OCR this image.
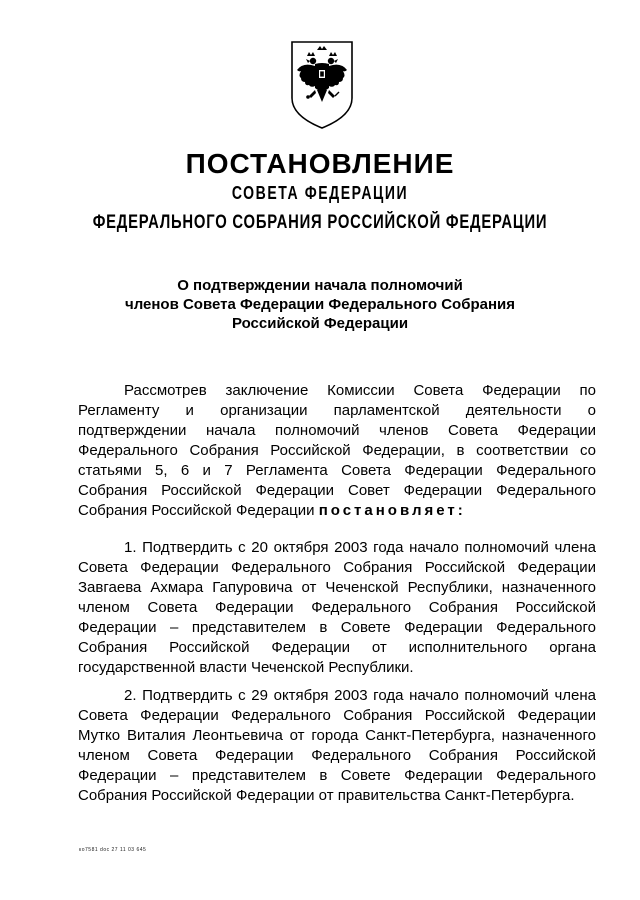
ПОСТАНОВЛЕНИЕ
СОВЕТА ФЕДЕРАЦИИ
ФЕДЕРАЛЬНОГО СОБРАНИЯ РОССИЙСКОЙ ФЕДЕРАЦИИ
О подтверждении начала полномочий
членов Совета Федерации Федерального Собрания
Российской Федерации

Рассмотрев заключение Комиссии Совета Федерации по Регламенту и организации парламентской деятельности о подтверждении начала полномочий членов Совета Федерации Федерального Собрания Российской Федерации, в соответствии со статьями 5, 6 и 7 Регламента Совета Федерации Федерального Собрания Российской Федерации Совет Федерации Федерального Собрания Российской Федерации постановляет:

1. Подтвердить с 20 октября 2003 года начало полномочий члена Совета Федерации Федерального Собрания Российской Федерации Завгаева Ахмара Гапуровича от Чеченской Республики, назначенного членом Совета Федерации Федерального Собрания Российской Федерации – представителем в Совете Федерации Федерального Собрания Российской Федерации от исполнительного органа государственной власти Чеченской Республики.

2. Подтвердить с 29 октября 2003 года начало полномочий члена Совета Федерации Федерального Собрания Российской Федерации Мутко Виталия Леонтьевича от города Санкт-Петербурга, назначенного членом Совета Федерации Федерального Собрания Российской Федерации – представителем в Совете Федерации Федерального Собрания Российской Федерации от правительства Санкт-Петербурга.

ко7581 doc 27 11 03 645
